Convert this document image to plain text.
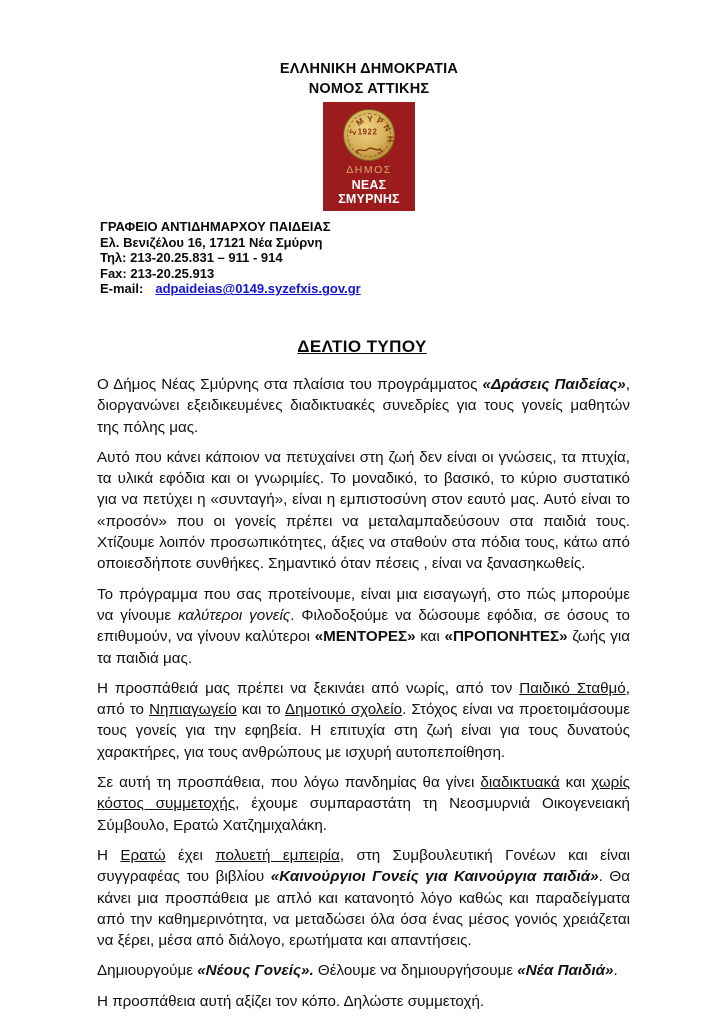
ΕΛΛΗΝΙΚΗ ΔΗΜΟΚΡΑΤΙΑ
ΝΟΜΟΣ ΑΤΤΙΚΗΣ
1922
Σ
Μ Υ Ρ
Ν
Η
ΔΗΜΟΣ
ΝΕΑΣ ΣΜΥΡΝΗΣ
ΓΡΑΦΕΙΟ ΑΝΤΙΔΗΜΑΡΧΟΥ ΠΑΙΔΕΙΑΣ
Ελ. Βενιζέλου 16, 17121 Νέα Σμύρνη
Τηλ: 213-20.25.831 – 911 - 914
Fax: 213-20.25.913
E-mail: adpaideias@0149.syzefxis.gov.gr
ΔΕΛΤΙΟ ΤΥΠΟΥ

Ο Δήμος Νέας Σμύρνης στα πλαίσια του προγράμματος «Δράσεις Παιδείας», διοργανώνει εξειδικευμένες διαδικτυακές συνεδρίες για τους γονείς μαθητών της πόλης μας.

Αυτό που κάνει κάποιον να πετυχαίνει στη ζωή δεν είναι οι γνώσεις, τα πτυχία, τα υλικά εφόδια και οι γνωριμίες. Το μοναδικό, το βασικό, το κύριο συστατικό για να πετύχει η «συνταγή», είναι η εμπιστοσύνη στον εαυτό μας. Αυτό είναι το «προσόν» που οι γονείς πρέπει να μεταλαμπαδεύσουν στα παιδιά τους. Χτίζουμε λοιπόν προσωπικότητες, άξιες να σταθούν στα πόδια τους, κάτω από οποιεσδήποτε συνθήκες. Σημαντικό όταν πέσεις , είναι να ξανασηκωθείς.

Το πρόγραμμα που σας προτείνουμε, είναι μια εισαγωγή, στο πώς μπορούμε να γίνουμε καλύτεροι γονείς. Φιλοδοξούμε να δώσουμε εφόδια, σε όσους το επιθυμούν, να γίνουν καλύτεροι «ΜΕΝΤΟΡΕΣ» και «ΠΡΟΠΟΝΗΤΕΣ» ζωής για τα παιδιά μας.

Η προσπάθειά μας πρέπει να ξεκινάει από νωρίς, από τον Παιδικό Σταθμό, από το Νηπιαγωγείο και το Δημοτικό σχολείο. Στόχος είναι να προετοιμάσουμε τους γονείς για την εφηβεία. Η επιτυχία στη ζωή είναι για τους δυνατούς χαρακτήρες, για τους ανθρώπους με ισχυρή αυτοπεποίθηση.

Σε αυτή τη προσπάθεια, που λόγω πανδημίας θα γίνει διαδικτυακά και χωρίς κόστος συμμετοχής, έχουμε συμπαραστάτη τη Νεοσμυρνιά Οικογενειακή Σύμβουλο, Ερατώ Χατζημιχαλάκη.

Η Ερατώ έχει πολυετή εμπειρία, στη Συμβουλευτική Γονέων και είναι συγγραφέας του βιβλίου «Καινούργιοι Γονείς για Καινούργια παιδιά». Θα κάνει μια προσπάθεια με απλό και κατανοητό λόγο καθώς και παραδείγματα από την καθημερινότητα, να μεταδώσει όλα όσα ένας μέσος γονιός χρειάζεται να ξέρει, μέσα από διάλογο, ερωτήματα και απαντήσεις.

Δημιουργούμε «Νέους Γονείς». Θέλουμε να δημιουργήσουμε «Νέα Παιδιά».

Η προσπάθεια αυτή αξίζει τον κόπο. Δηλώστε συμμετοχή.
